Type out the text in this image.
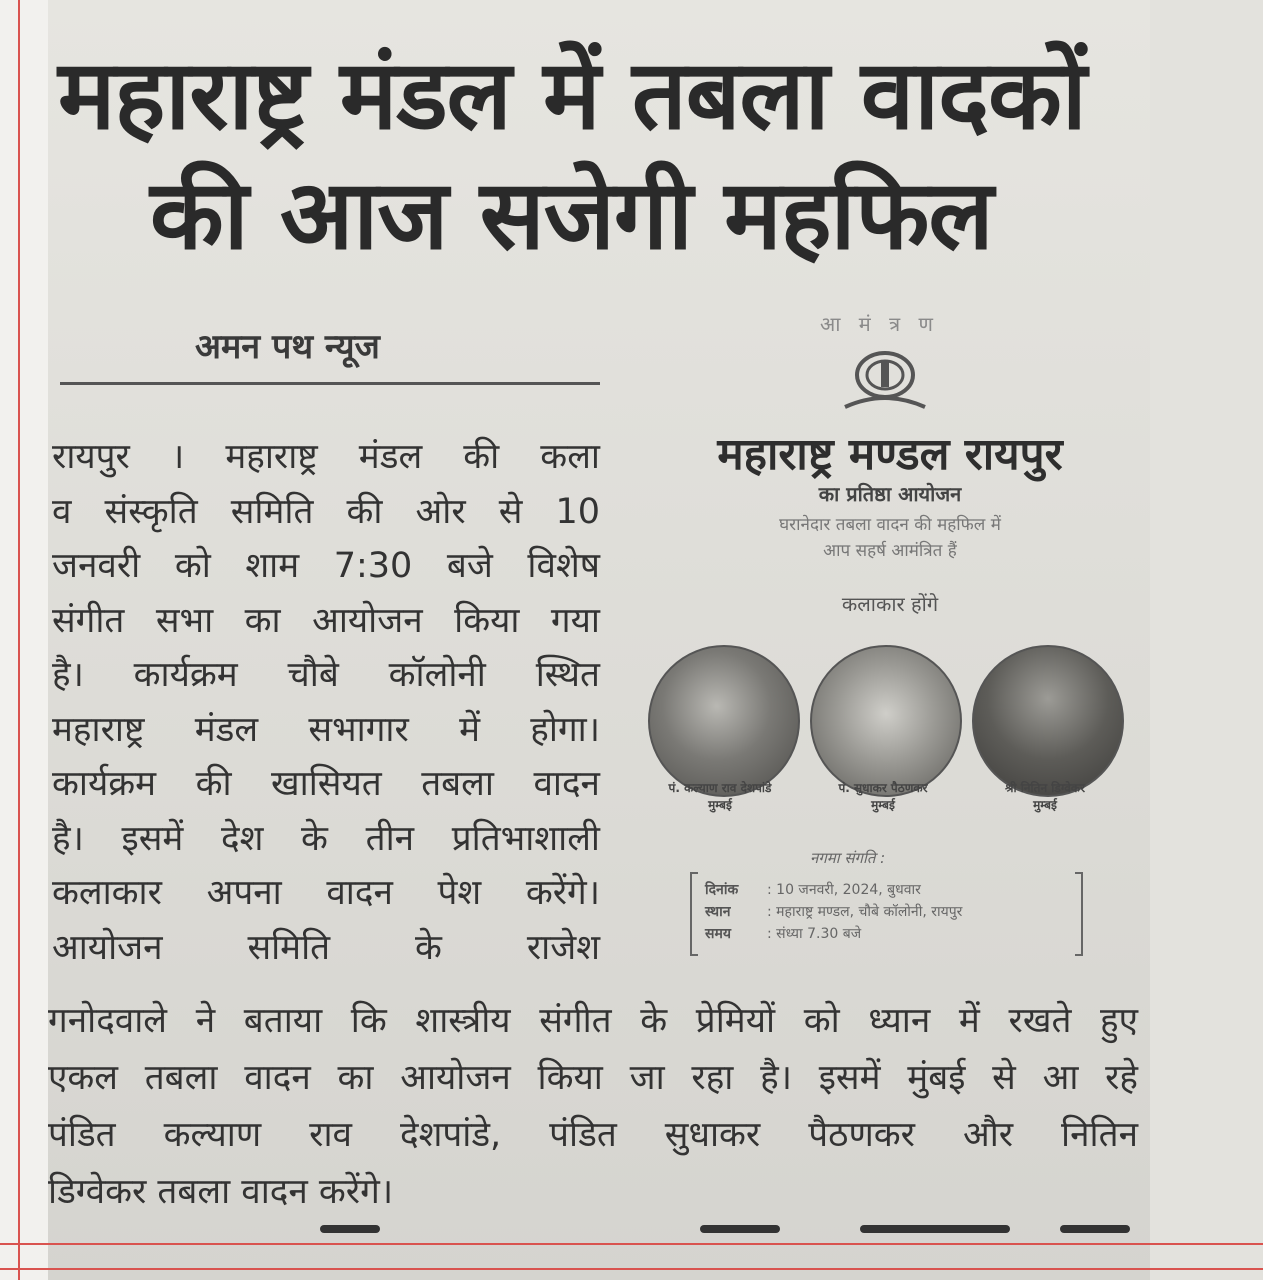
महाराष्ट्र मंडल में तबला वादकों
की आज सजेगी महफिल
अमन पथ न्यूज
रायपुर । महाराष्ट्र मंडल की कला
व संस्कृति समिति की ओर से 10
जनवरी को शाम 7:30 बजे विशेष
संगीत सभा का आयोजन किया गया
है। कार्यक्रम चौबे कॉलोनी स्थित
महाराष्ट्र मंडल सभागार में होगा।
कार्यक्रम की खासियत तबला वादन
है। इसमें देश के तीन प्रतिभाशाली
कलाकार अपना वादन पेश करेंगे।
आयोजन समिति के राजेश
आ मं त्र ण
महाराष्ट्र मण्डल रायपुर
का प्रतिष्ठा आयोजन
घरानेदार तबला वादन की महफिल में
आप सहर्ष आमंत्रित हैं
कलाकार होंगे
पं. कल्याण राव देशपांडे
मुम्बई
पं. सुधाकर पैठणकर
मुम्बई
श्री नितिन डिग्वेकर
मुम्बई
नगमा संगति :
दिनांक : 10 जनवरी, 2024, बुधवार
स्थान	: महाराष्ट्र मण्डल, चौबे कॉलोनी, रायपुर
समय	: संध्या 7.30 बजे
गनोदवाले ने बताया कि शास्त्रीय संगीत के प्रेमियों को ध्यान में रखते हुए
एकल तबला वादन का आयोजन किया जा रहा है। इसमें मुंबई से आ रहे
पंडित कल्याण राव देशपांडे, पंडित सुधाकर पैठणकर और नितिन
डिग्वेकर तबला वादन करेंगे।
